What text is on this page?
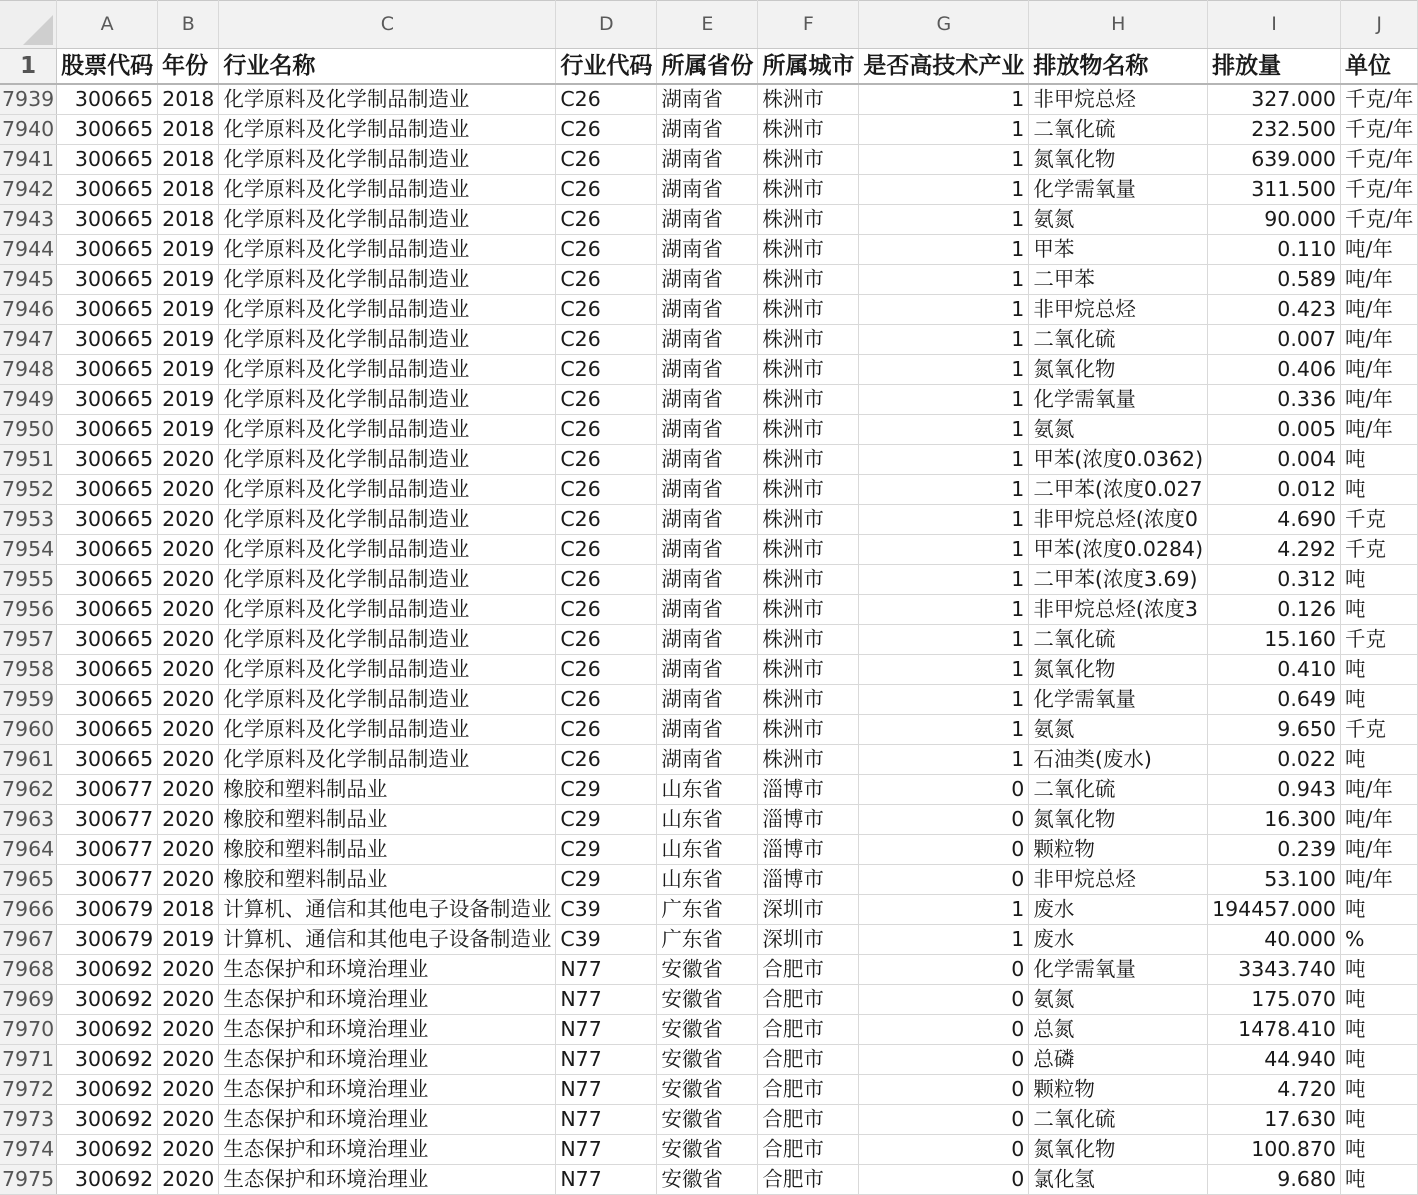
	A	B	C	D	E	F	G	H	I	J
1	股票代码	年份	行业名称	行业代码	所属省份	所属城市	是否高技术产业	排放物名称	排放量	单位
7939	300665	2018	化学原料及化学制品制造业	C26	湖南省	株洲市	1	非甲烷总烃	327.000	千克/年
7940	300665	2018	化学原料及化学制品制造业	C26	湖南省	株洲市	1	二氧化硫	232.500	千克/年
7941	300665	2018	化学原料及化学制品制造业	C26	湖南省	株洲市	1	氮氧化物	639.000	千克/年
7942	300665	2018	化学原料及化学制品制造业	C26	湖南省	株洲市	1	化学需氧量	311.500	千克/年
7943	300665	2018	化学原料及化学制品制造业	C26	湖南省	株洲市	1	氨氮	90.000	千克/年
7944	300665	2019	化学原料及化学制品制造业	C26	湖南省	株洲市	1	甲苯	0.110	吨/年
7945	300665	2019	化学原料及化学制品制造业	C26	湖南省	株洲市	1	二甲苯	0.589	吨/年
7946	300665	2019	化学原料及化学制品制造业	C26	湖南省	株洲市	1	非甲烷总烃	0.423	吨/年
7947	300665	2019	化学原料及化学制品制造业	C26	湖南省	株洲市	1	二氧化硫	0.007	吨/年
7948	300665	2019	化学原料及化学制品制造业	C26	湖南省	株洲市	1	氮氧化物	0.406	吨/年
7949	300665	2019	化学原料及化学制品制造业	C26	湖南省	株洲市	1	化学需氧量	0.336	吨/年
7950	300665	2019	化学原料及化学制品制造业	C26	湖南省	株洲市	1	氨氮	0.005	吨/年
7951	300665	2020	化学原料及化学制品制造业	C26	湖南省	株洲市	1	甲苯(浓度0.0362)	0.004	吨
7952	300665	2020	化学原料及化学制品制造业	C26	湖南省	株洲市	1	二甲苯(浓度0.027	0.012	吨
7953	300665	2020	化学原料及化学制品制造业	C26	湖南省	株洲市	1	非甲烷总烃(浓度0	4.690	千克
7954	300665	2020	化学原料及化学制品制造业	C26	湖南省	株洲市	1	甲苯(浓度0.0284)	4.292	千克
7955	300665	2020	化学原料及化学制品制造业	C26	湖南省	株洲市	1	二甲苯(浓度3.69)	0.312	吨
7956	300665	2020	化学原料及化学制品制造业	C26	湖南省	株洲市	1	非甲烷总烃(浓度3	0.126	吨
7957	300665	2020	化学原料及化学制品制造业	C26	湖南省	株洲市	1	二氧化硫	15.160	千克
7958	300665	2020	化学原料及化学制品制造业	C26	湖南省	株洲市	1	氮氧化物	0.410	吨
7959	300665	2020	化学原料及化学制品制造业	C26	湖南省	株洲市	1	化学需氧量	0.649	吨
7960	300665	2020	化学原料及化学制品制造业	C26	湖南省	株洲市	1	氨氮	9.650	千克
7961	300665	2020	化学原料及化学制品制造业	C26	湖南省	株洲市	1	石油类(废水)	0.022	吨
7962	300677	2020	橡胶和塑料制品业	C29	山东省	淄博市	0	二氧化硫	0.943	吨/年
7963	300677	2020	橡胶和塑料制品业	C29	山东省	淄博市	0	氮氧化物	16.300	吨/年
7964	300677	2020	橡胶和塑料制品业	C29	山东省	淄博市	0	颗粒物	0.239	吨/年
7965	300677	2020	橡胶和塑料制品业	C29	山东省	淄博市	0	非甲烷总烃	53.100	吨/年
7966	300679	2018	计算机、通信和其他电子设备制造业	C39	广东省	深圳市	1	废水	194457.000	吨
7967	300679	2019	计算机、通信和其他电子设备制造业	C39	广东省	深圳市	1	废水	40.000	%
7968	300692	2020	生态保护和环境治理业	N77	安徽省	合肥市	0	化学需氧量	3343.740	吨
7969	300692	2020	生态保护和环境治理业	N77	安徽省	合肥市	0	氨氮	175.070	吨
7970	300692	2020	生态保护和环境治理业	N77	安徽省	合肥市	0	总氮	1478.410	吨
7971	300692	2020	生态保护和环境治理业	N77	安徽省	合肥市	0	总磷	44.940	吨
7972	300692	2020	生态保护和环境治理业	N77	安徽省	合肥市	0	颗粒物	4.720	吨
7973	300692	2020	生态保护和环境治理业	N77	安徽省	合肥市	0	二氧化硫	17.630	吨
7974	300692	2020	生态保护和环境治理业	N77	安徽省	合肥市	0	氮氧化物	100.870	吨
7975	300692	2020	生态保护和环境治理业	N77	安徽省	合肥市	0	氯化氢	9.680	吨
